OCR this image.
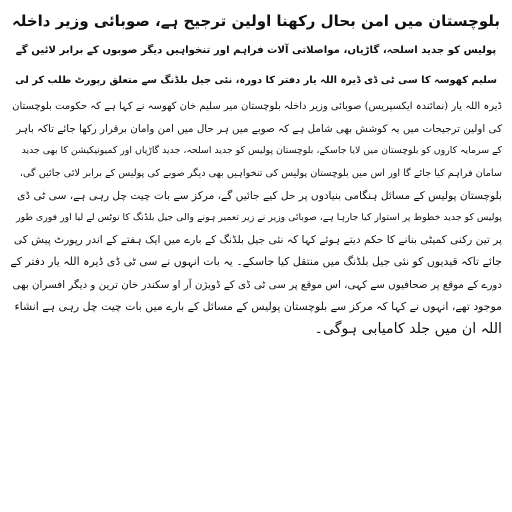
بلوچستان میں امن بحال رکھنا اولین ترجیح ہے، صوبائی وزیر داخلہ
پولیس کو جدید اسلحہ، گاڑیاں، مواصلاتی آلات فراہم اور تنخواہیں دیگر صوبوں کے برابر لائیں گے
سلیم کھوسہ کا سی ٹی ڈی ڈیرہ اللہ یار دفتر کا دورہ، نئی جیل بلڈنگ سے متعلق رپورٹ طلب کر لی
ڈیرہ اللہ یار (نمائندہ ایکسپریس) صوبائی وزیر داخلہ بلوچستان میر سلیم خان کھوسہ نے کہا ہے کہ حکومت بلوچستان
کی اولین ترجیحات میں یہ کوشش بھی شامل ہے کہ صوبے میں ہر حال میں امن وامان برقرار رکھا جائے تاکہ باہر
کے سرمایہ کاروں کو بلوچستان میں لایا جاسکے، بلوچستان پولیس کو جدید اسلحہ، جدید گاڑیاں اور کمیونیکیشن کا بھی جدید
سامان فراہم کیا جائے گا اور اس میں بلوچستان پولیس کی تنخواہیں بھی دیگر صوبے کی پولیس کے برابر لائی جائیں گی،
بلوچستان پولیس کے مسائل ہنگامی بنیادوں پر حل کیے جائیں گے، مرکز سے بات چیت چل رہی ہے، سی ٹی ڈی
پولیس کو جدید خطوط پر استوار کیا جارہا ہے، صوبائی وزیر نے زیر تعمیر ہونے والی جیل بلڈنگ کا نوٹس لے لیا اور فوری طور
پر تین رکنی کمیٹی بنانے کا حکم دیتے ہوئے کہا کہ نئی جیل بلڈنگ کے بارے میں ایک ہفتے کے اندر رپورٹ پیش کی
جائے تاکہ قیدیوں کو نئی جیل بلڈنگ میں منتقل کیا جاسکے۔ یہ بات انہوں نے سی ٹی ڈی ڈیرہ اللہ یار دفتر کے
دورے کے موقع پر صحافیوں سے کہی، اس موقع پر سی ٹی ڈی کے ڈویژن آر او سکندر خان ترین و دیگر افسران بھی
موجود تھے، انہوں نے کہا کہ مرکز سے بلوچستان پولیس کے مسائل کے بارے میں بات چیت چل رہی ہے انشاء
اللہ ان میں جلد کامیابی ہوگی۔
